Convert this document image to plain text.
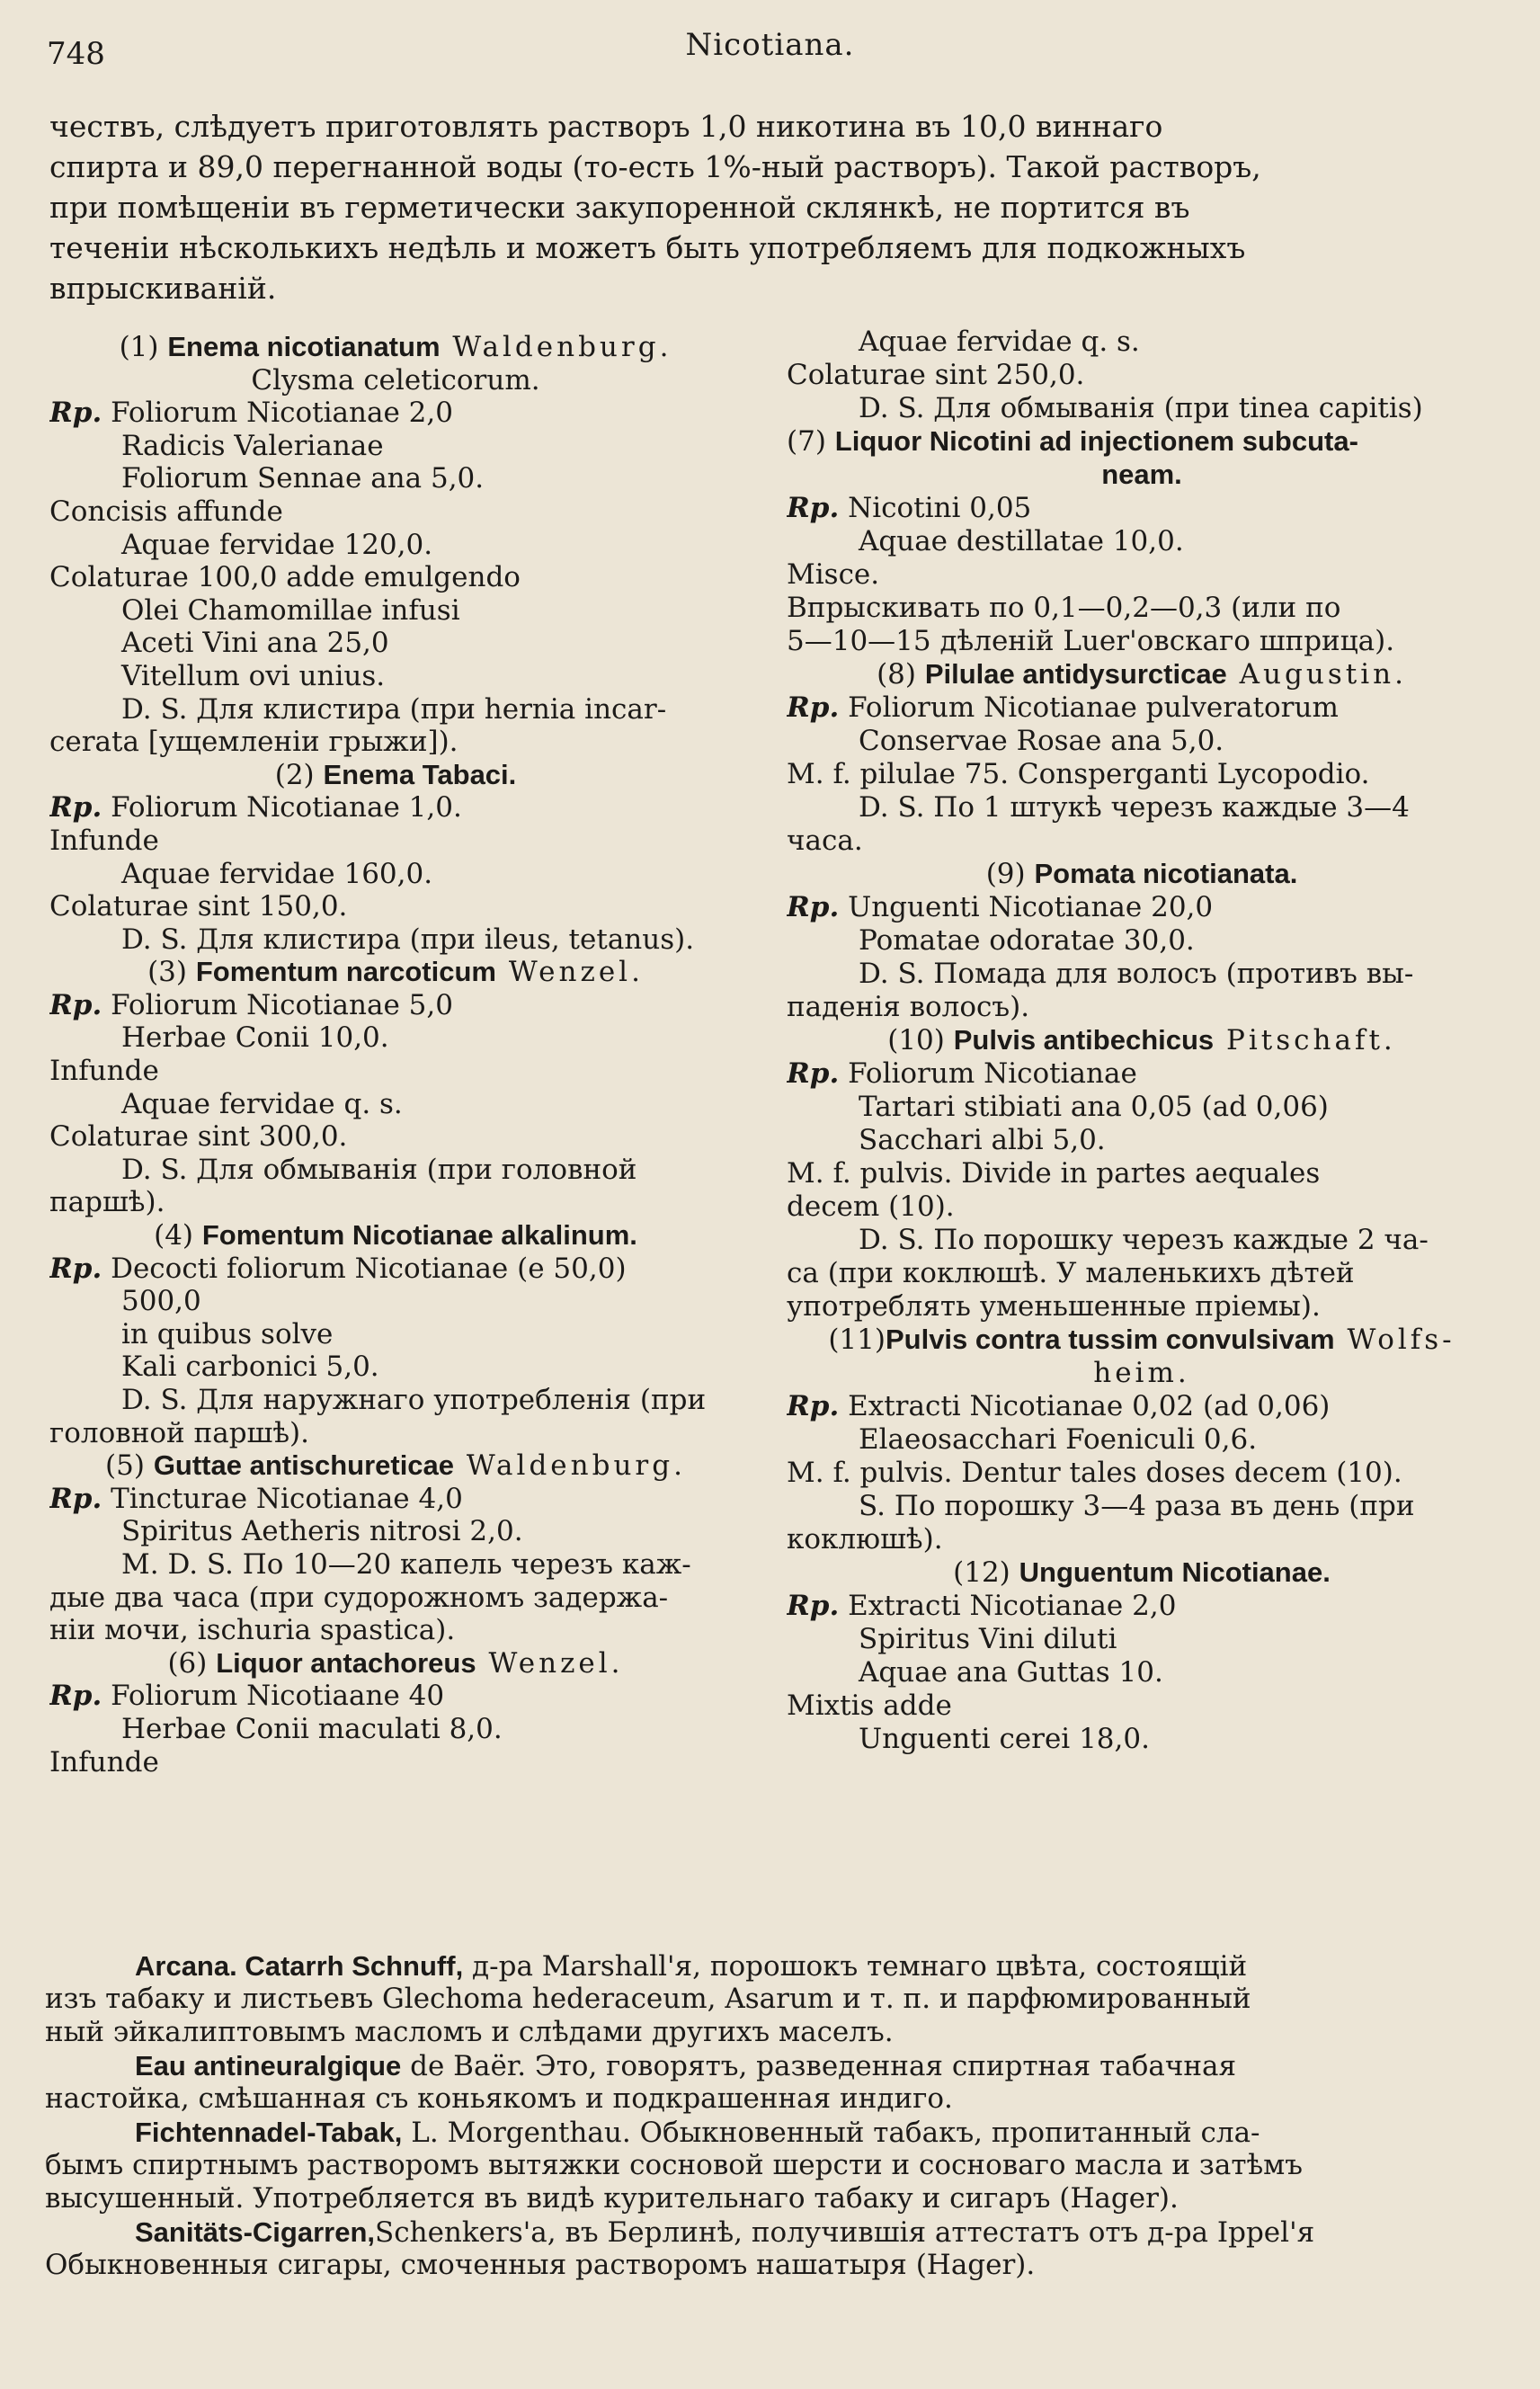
748	Nicotiana.

чествъ, слѣдуетъ приготовлять растворъ 1,0 никотина въ 10,0 виннаго

спирта и 89,0 перегнанной воды (то-есть 1%-ный растворъ). Такой растворъ,

при помѣщеніи въ герметически закупоренной склянкѣ, не портится въ

теченіи нѣсколькихъ недѣль и можетъ быть употребляемъ для подкожныхъ

впрыскиваній.

(1) Enema nicotianatum Waldenburg.
Clysma celeticorum.
Rp. Foliorum Nicotianae 2,0
Radicis Valerianae
Foliorum Sennae ana 5,0.
Concisis affunde
Aquae fervidae 120,0.
Colaturae 100,0 adde emulgendo
Olei Chamomillae infusi
Aceti Vini ana 25,0
Vitellum ovi unius.
D. S. Для клистира (при hernia incar-
cerata [ущемленіи грыжи]).
(2) Enema Tabaci.
Rp. Foliorum Nicotianae 1,0.
Infunde
Aquae fervidae 160,0.
Colaturae sint 150,0.
D. S. Для клистира (при ileus, tetanus).
(3) Fomentum narcoticum Wenzel.
Rp. Foliorum Nicotianae 5,0
Herbae Conii 10,0.
Infunde
Aquae fervidae q. s.
Colaturae sint 300,0.
D. S. Для обмыванія (при головной
паршѣ).
(4) Fomentum Nicotianae alkalinum.
Rp. Decocti foliorum Nicotianae (e 50,0)
500,0
in quibus solve
Kali carbonici 5,0.
D. S. Для наружнаго употребленія (при
головной паршѣ).
(5) Guttae antischureticae Waldenburg.
Rp. Tincturae Nicotianae 4,0
Spiritus Aetheris nitrosi 2,0.
M. D. S. По 10—20 капель черезъ каж-
дые два часа (при судорожномъ задержа-
ніи мочи, ischuria spastica).
(6) Liquor antachoreus Wenzel.
Rp. Foliorum Nicotiaane 40
Herbae Conii maculati 8,0.
Infunde
Aquae fervidae q. s.
Colaturae sint 250,0.
D. S. Для обмыванія (при tinea capitis)
(7) Liquor Nicotini ad injectionem subcuta-
neam.
Rp. Nicotini 0,05
Aquae destillatae 10,0.
Misce.
Впрыскивать по 0,1—0,2—0,3 (или по
5—10—15 дѣленій Luer'овскаго шприца).
(8) Pilulae antidysurcticae Augustin.
Rp. Foliorum Nicotianae pulveratorum
Conservae Rosae ana 5,0.
M. f. pilulae 75. Consperganti Lycopodio.
D. S. По 1 штукѣ черезъ каждые 3—4
часа.
(9) Pomata nicotianata.
Rp. Unguenti Nicotianae 20,0
Pomatae odoratae 30,0.
D. S. Помада для волосъ (противъ вы-
падeнія волосъ).
(10) Pulvis antibechicus Pitschaft.
Rp. Foliorum Nicotianae
Tartari stibiati ana 0,05 (ad 0,06)
Sacchari albi 5,0.
M. f. pulvis. Divide in partes aequales
decem (10).
D. S. По порошку черезъ каждые 2 ча-
са (при коклюшѣ. У маленькихъ дѣтей
употреблять уменьшенные пріемы).
(11)Pulvis contra tussim convulsivam Wolfs-
heim.
Rp. Extracti Nicotianae 0,02 (ad 0,06)
Elaeosacchari Foeniculi 0,6.
M. f. pulvis. Dentur tales doses decem (10).
S. По порошку 3—4 раза въ день (при
коклюшѣ).
(12) Unguentum Nicotianae.
Rp. Extracti Nicotianae 2,0
Spiritus Vini diluti
Aquae ana Guttas 10.
Mixtis adde
Unguenti cerei 18,0.
Arcana. Catarrh Schnuff, д-ра Marshall'я, порошокъ темнаго цвѣта, состоящій
изъ табаку и листьевъ Glechoma hederaceum, Asarum и т. п. и парфюмированный
ный эйкалиптовымъ масломъ и слѣдами другихъ маселъ.
Eau antineuralgique de Baër. Это, говорятъ, разведенная спиртная табачная
настойка, смѣшанная съ коньякомъ и подкрашенная индиго.
Fichtennadel-Tabak, L. Morgenthau. Обыкновенный табакъ, пропитанный сла-
бымъ спиртнымъ растворомъ вытяжки сосновой шерсти и сосноваго масла и затѣмъ
высушенный. Употребляется въ видѣ курительнаго табаку и сигаръ (Hager).
Sanitäts-Cigarren,Schenkers'a, въ Берлинѣ, получившія аттестатъ отъ д-ра Ippel'я
Обыкновенныя сигары, смоченныя растворомъ нашатыря (Hager).
